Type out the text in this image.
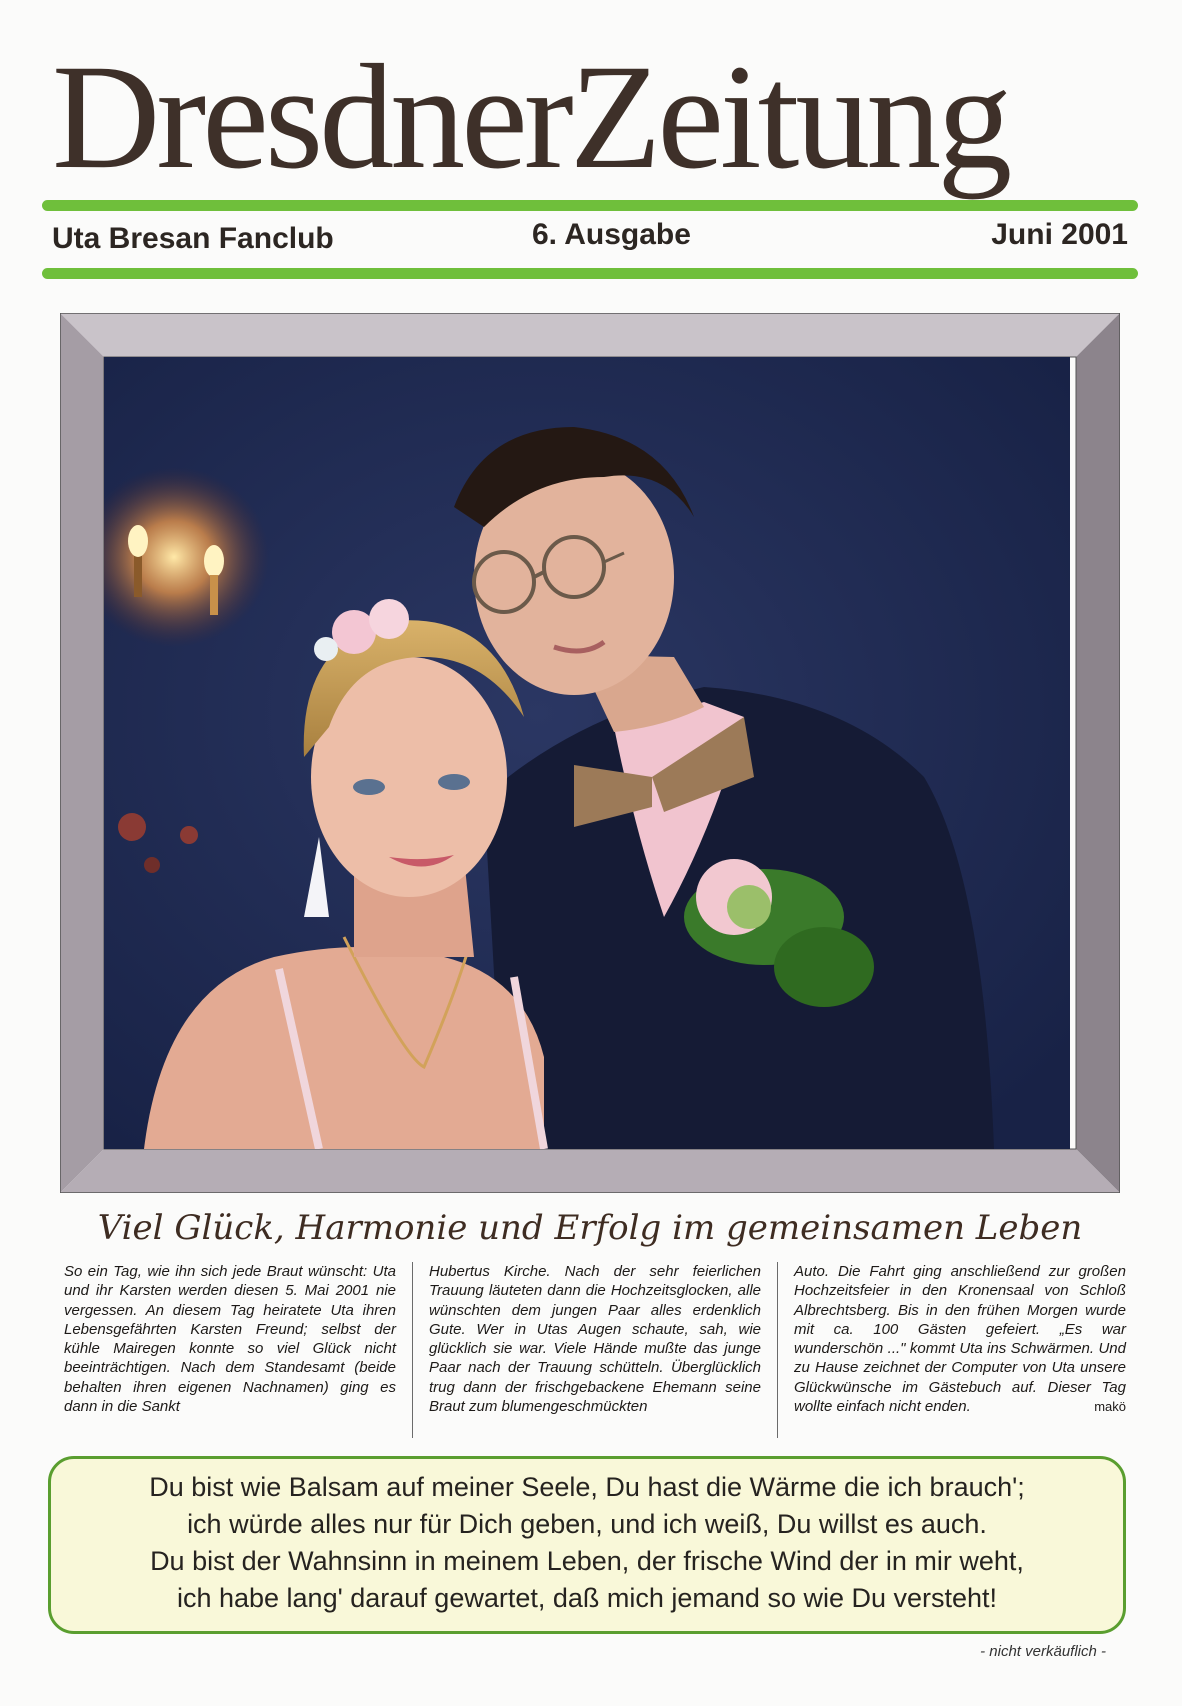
DresdnerZeitung
Uta Bresan Fanclub	6. Ausgabe	Juni 2001
Viel Glück, Harmonie und Erfolg im gemeinsamen Leben
So ein Tag, wie ihn sich jede Braut wünscht: Uta und ihr Karsten werden diesen 5. Mai 2001 nie vergessen. An diesem Tag heiratete Uta ihren Lebensgefährten Karsten Freund; selbst der kühle Mairegen konnte so viel Glück nicht beeinträchtigen. Nach dem Standesamt (beide behalten ihren eigenen Nachnamen) ging es dann in die Sankt
Hubertus Kirche. Nach der sehr feierlichen Trauung läuteten dann die Hochzeitsglocken, alle wünschten dem jungen Paar alles erdenklich Gute. Wer in Utas Augen schaute, sah, wie glücklich sie war. Viele Hände mußte das junge Paar nach der Trauung schütteln. Überglücklich trug dann der frischgebackene Ehemann seine Braut zum blumengeschmückten
Auto. Die Fahrt ging anschließend zur großen Hochzeitsfeier in den Kronensaal von Schloß Albrechtsberg. Bis in den frühen Morgen wurde mit ca. 100 Gästen gefeiert. „Es war wunderschön ..." kommt Uta ins Schwärmen. Und zu Hause zeichnet der Computer von Uta unsere Glückwünsche im Gästebuch auf. Dieser Tag wollte einfach nicht enden.	makö

Du bist wie Balsam auf meiner Seele, Du hast die Wärme die ich brauch';

ich würde alles nur für Dich geben, und ich weiß, Du willst es auch.

Du bist der Wahnsinn in meinem Leben, der frische Wind der in mir weht,

ich habe lang' darauf gewartet, daß mich jemand so wie Du versteht!

- nicht verkäuflich -
